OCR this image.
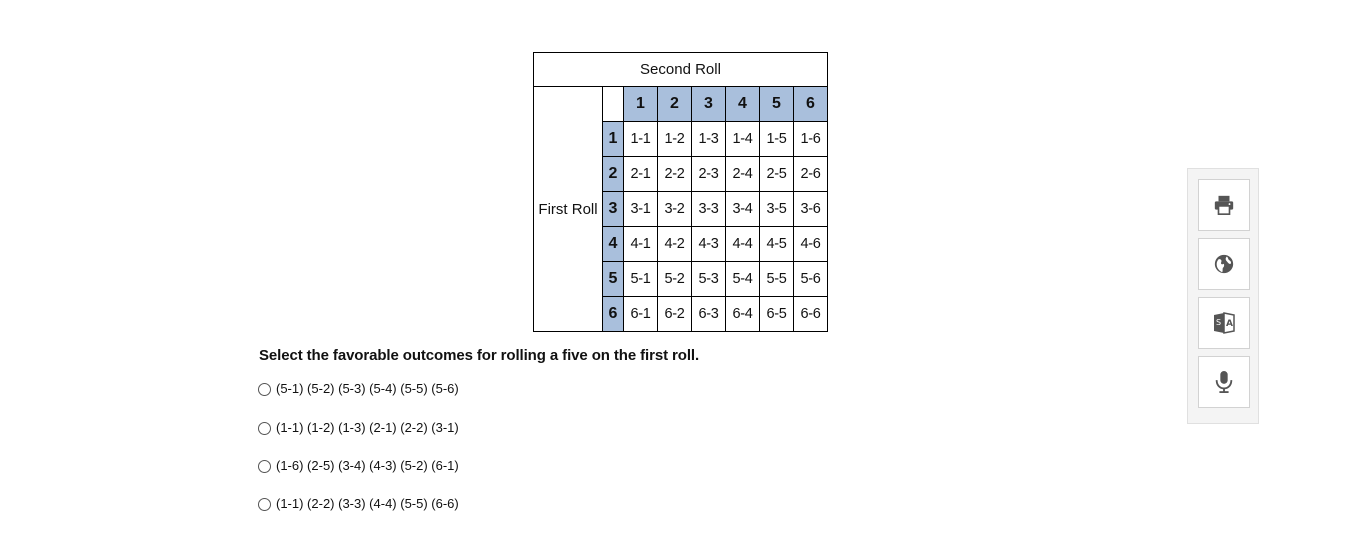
Second Roll							
First Roll		1	2	3	4	5	6
	1	1-1	1-2	1-3	1-4	1-5	1-6
	2	2-1	2-2	2-3	2-4	2-5	2-6
	3	3-1	3-2	3-3	3-4	3-5	3-6
	4	4-1	4-2	4-3	4-4	4-5	4-6
	5	5-1	5-2	5-3	5-4	5-5	5-6
	6	6-1	6-2	6-3	6-4	6-5	6-6
Select the favorable outcomes for rolling a five on the first roll.
(5-1) (5-2) (5-3) (5-4) (5-5) (5-6)
(1-1) (1-2) (1-3) (2-1) (2-2) (3-1)
(1-6) (2-5) (3-4) (4-3) (5-2) (6-1)
(1-1) (2-2) (3-3) (4-4) (5-5) (6-6)
S A
